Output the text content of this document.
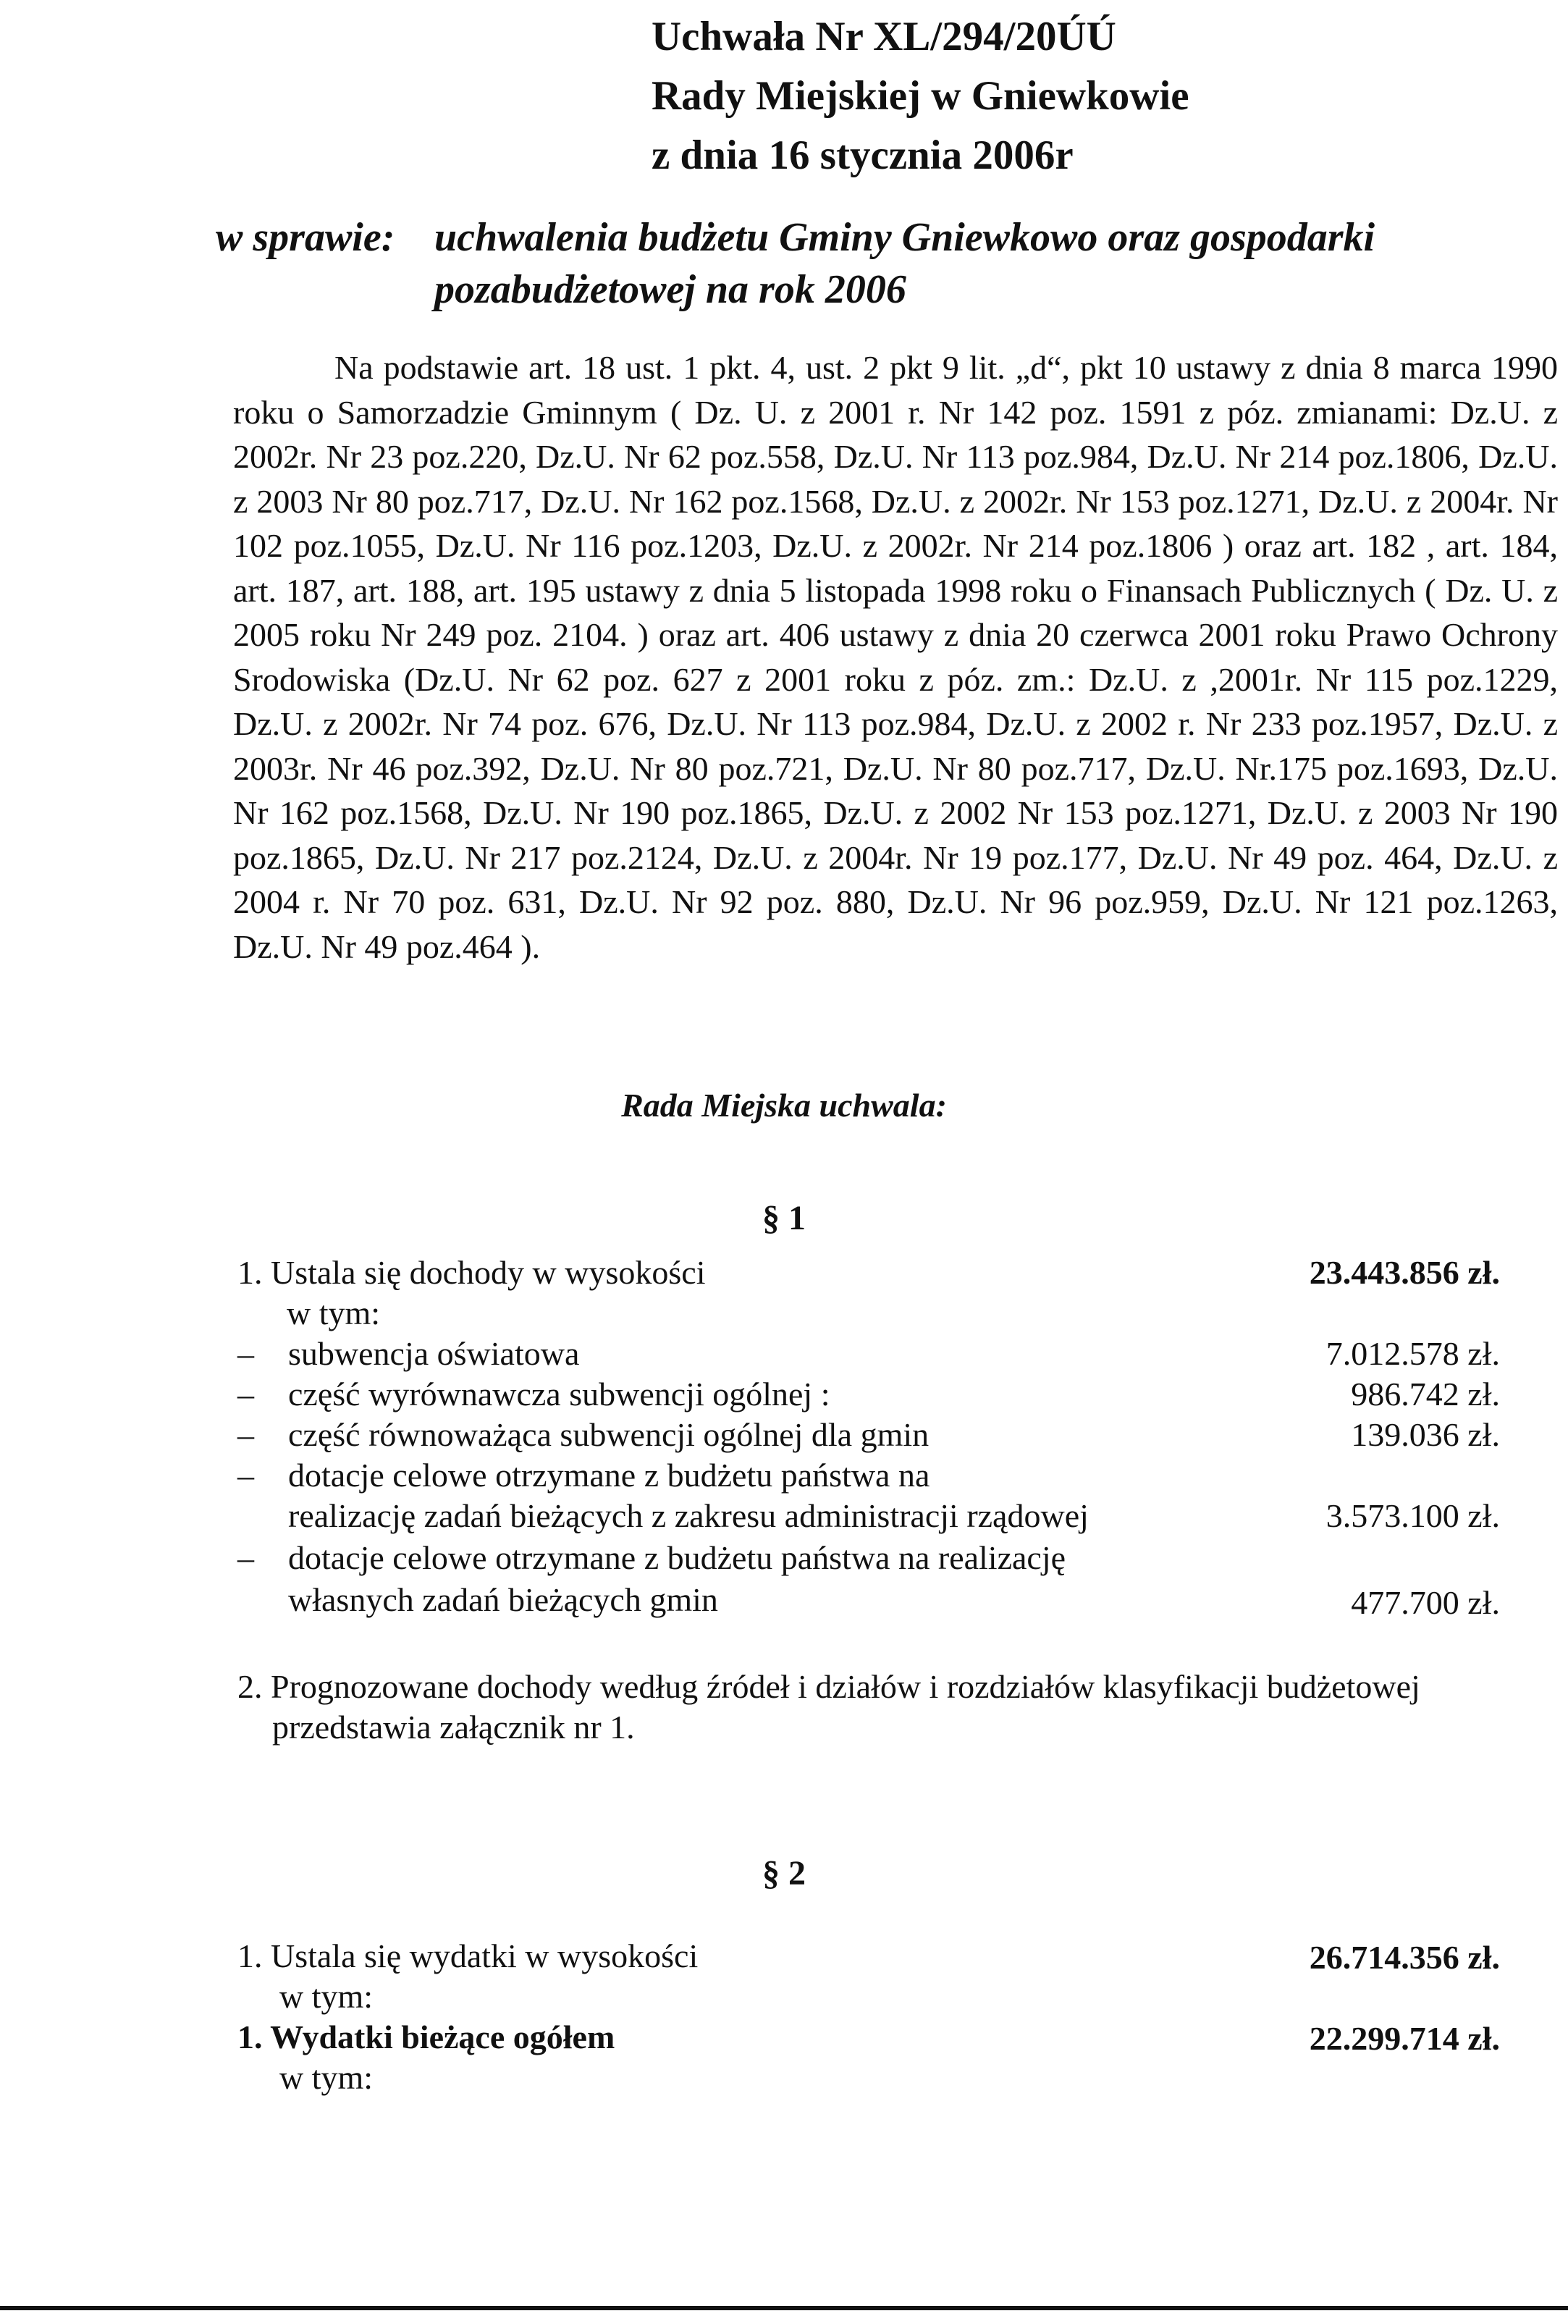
Uchwała Nr XL/294/20ÚÚ
Rady Miejskiej w Gniewkowie
z dnia 16 stycznia 2006r
w sprawie: uchwalenia budżetu Gminy Gniewkowo oraz gospodarki pozabudżetowej na rok 2006
Na podstawie art. 18 ust. 1 pkt. 4, ust. 2 pkt 9 lit. „d“, pkt 10 ustawy z dnia 8 marca 1990 roku o Samorzadzie Gminnym ( Dz. U. z 2001 r. Nr 142 poz. 1591 z póz. zmianami: Dz.U. z 2002r. Nr 23 poz.220, Dz.U. Nr 62 poz.558, Dz.U. Nr 113 poz.984, Dz.U. Nr 214 poz.1806, Dz.U. z 2003 Nr 80 poz.717, Dz.U. Nr 162 poz.1568, Dz.U. z 2002r. Nr 153 poz.1271, Dz.U. z 2004r. Nr 102 poz.1055, Dz.U. Nr 116 poz.1203, Dz.U. z 2002r. Nr 214 poz.1806 ) oraz art. 182 , art. 184, art. 187, art. 188, art. 195 ustawy z dnia 5 listopada 1998 roku o Finansach Publicznych ( Dz. U. z 2005 roku Nr 249 poz. 2104. ) oraz art. 406 ustawy z dnia 20 czerwca 2001 roku Prawo Ochrony Srodowiska (Dz.U. Nr 62 poz. 627 z 2001 roku z póz. zm.: Dz.U. z ,2001r. Nr 115 poz.1229, Dz.U. z 2002r. Nr 74 poz. 676, Dz.U. Nr 113 poz.984, Dz.U. z 2002 r. Nr 233 poz.1957, Dz.U. z 2003r. Nr 46 poz.392, Dz.U. Nr 80 poz.721, Dz.U. Nr 80 poz.717, Dz.U. Nr.175 poz.1693, Dz.U. Nr 162 poz.1568, Dz.U. Nr 190 poz.1865, Dz.U. z 2002 Nr 153 poz.1271, Dz.U. z 2003 Nr 190 poz.1865, Dz.U. Nr 217 poz.2124, Dz.U. z 2004r. Nr 19 poz.177, Dz.U. Nr 49 poz. 464, Dz.U. z 2004 r. Nr 70 poz. 631, Dz.U. Nr 92 poz. 880, Dz.U. Nr 96 poz.959, Dz.U. Nr 121 poz.1263, Dz.U. Nr 49 poz.464 ).
Rada Miejska uchwala:
§ 1
1. Ustala się dochody w wysokości	23.443.856 zł.
w tym:
– subwencja oświatowa	7.012.578 zł.
– część wyrównawcza subwencji ogólnej :	986.742 zł.
– część równoważąca subwencji ogólnej dla gmin	139.036 zł.
– dotacje celowe otrzymane z budżetu państwa na
realizację zadań bieżących z zakresu administracji rządowej	3.573.100 zł.
– dotacje celowe otrzymane z budżetu państwa na realizację
własnych zadań bieżących gmin	477.700 zł.
2. Prognozowane dochody według źródeł i działów i rozdziałów klasyfikacji budżetowej
przedstawia załącznik nr 1.
§ 2
1. Ustala się wydatki w wysokości	26.714.356 zł.
w tym:
1. Wydatki bieżące ogółem	22.299.714 zł.
w tym:
